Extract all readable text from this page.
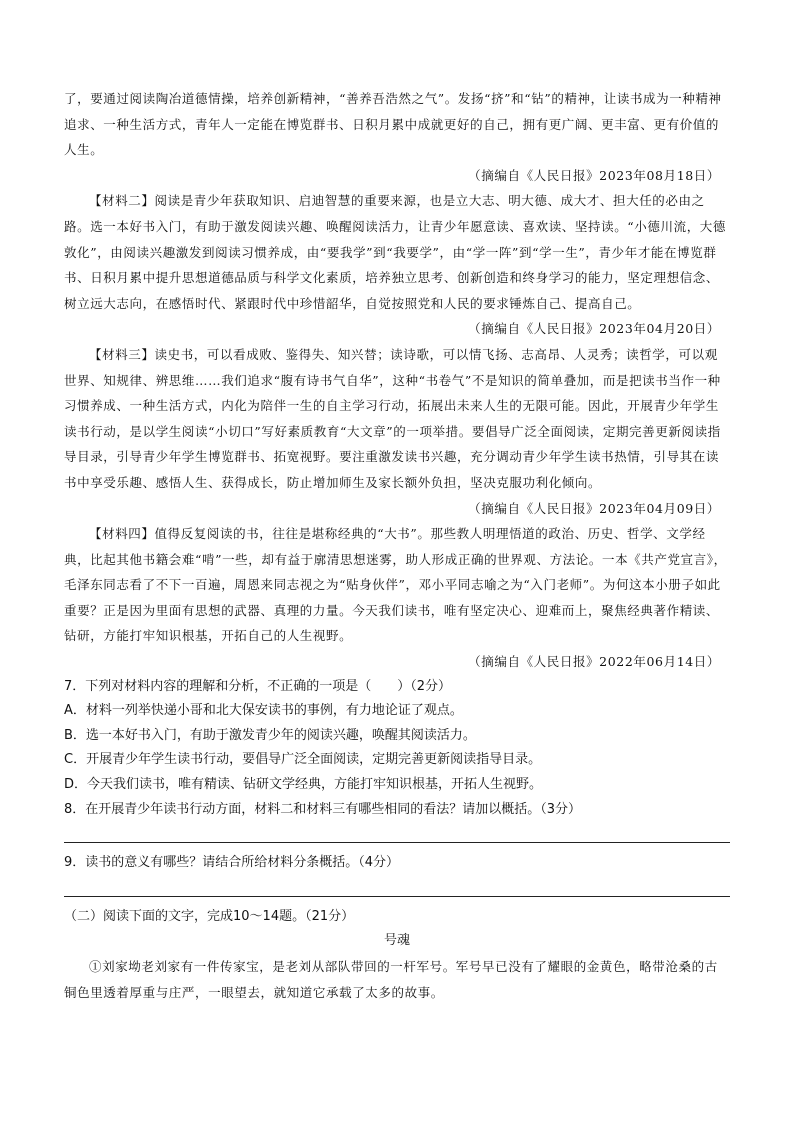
了，要通过阅读陶冶道德情操，培养创新精神，“善养吾浩然之气”。发扬“挤”和“钻”的精神，让读书成为一种精神追求、一种生活方式，青年人一定能在博览群书、日积月累中成就更好的自己，拥有更广阔、更丰富、更有价值的人生。

（摘编自《人民日报》2023年08月18日）

【材料二】阅读是青少年获取知识、启迪智慧的重要来源，也是立大志、明大德、成大才、担大任的必由之路。选一本好书入门，有助于激发阅读兴趣、唤醒阅读活力，让青少年愿意读、喜欢读、坚持读。“小德川流，大德敦化”，由阅读兴趣激发到阅读习惯养成，由“要我学”到“我要学”，由“学一阵”到“学一生”，青少年才能在博览群书、日积月累中提升思想道德品质与科学文化素质，培养独立思考、创新创造和终身学习的能力，坚定理想信念、树立远大志向，在感悟时代、紧跟时代中珍惜韶华，自觉按照党和人民的要求锤炼自己、提高自己。

（摘编自《人民日报》2023年04月20日）

【材料三】读史书，可以看成败、鉴得失、知兴替；读诗歌，可以情飞扬、志高昂、人灵秀；读哲学，可以观世界、知规律、辨思维……我们追求“腹有诗书气自华”，这种“书卷气”不是知识的简单叠加，而是把读书当作一种习惯养成、一种生活方式，内化为陪伴一生的自主学习行动，拓展出未来人生的无限可能。因此，开展青少年学生读书行动，是以学生阅读“小切口”写好素质教育“大文章”的一项举措。要倡导广泛全面阅读，定期完善更新阅读指导目录，引导青少年学生博览群书、拓宽视野。要注重激发读书兴趣，充分调动青少年学生读书热情，引导其在读书中享受乐趣、感悟人生、获得成长，防止增加师生及家长额外负担，坚决克服功利化倾向。

（摘编自《人民日报》2023年04月09日）

【材料四】值得反复阅读的书，往往是堪称经典的“大书”。那些教人明理悟道的政治、历史、哲学、文学经典，比起其他书籍会难“啃”一些，却有益于廓清思想迷雾，助人形成正确的世界观、方法论。一本《共产党宣言》，毛泽东同志看了不下一百遍，周恩来同志视之为“贴身伙伴”，邓小平同志喻之为“入门老师”。为何这本小册子如此重要？正是因为里面有思想的武器、真理的力量。今天我们读书，唯有坚定决心、迎难而上，聚焦经典著作精读、钻研，方能打牢知识根基，开拓自己的人生视野。

（摘编自《人民日报》2022年06月14日）

7．下列对材料内容的理解和分析，不正确的一项是（　　）（2分）

A．材料一列举快递小哥和北大保安读书的事例，有力地论证了观点。

B．选一本好书入门，有助于激发青少年的阅读兴趣，唤醒其阅读活力。

C．开展青少年学生读书行动，要倡导广泛全面阅读，定期完善更新阅读指导目录。

D．今天我们读书，唯有精读、钻研文学经典，方能打牢知识根基，开拓人生视野。

8．在开展青少年读书行动方面，材料二和材料三有哪些相同的看法？请加以概括。（3分）

9．读书的意义有哪些？请结合所给材料分条概括。（4分）

（二）阅读下面的文字，完成10～14题。（21分）

号魂

①刘家坳老刘家有一件传家宝，是老刘从部队带回的一杆军号。军号早已没有了耀眼的金黄色，略带沧桑的古铜色里透着厚重与庄严，一眼望去，就知道它承载了太多的故事。
